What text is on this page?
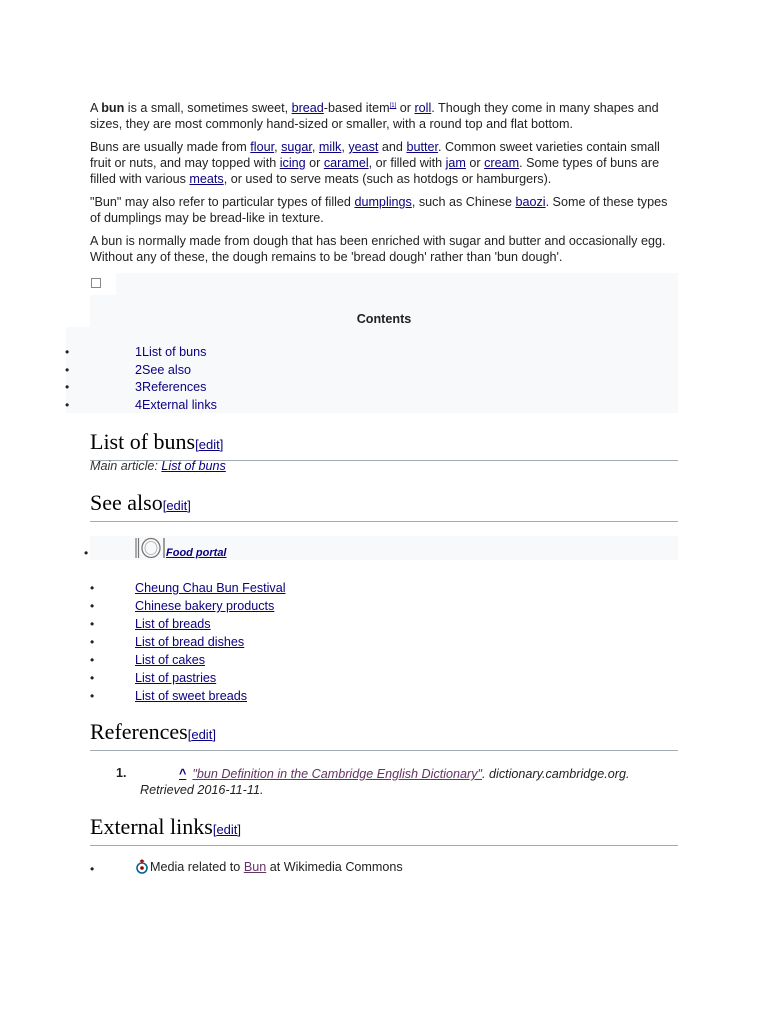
A bun is a small, sometimes sweet, bread-based item[1] or roll. Though they come in many shapes and sizes, they are most commonly hand-sized or smaller, with a round top and flat bottom.

Buns are usually made from flour, sugar, milk, yeast and butter. Common sweet varieties contain small fruit or nuts, and may topped with icing or caramel, or filled with jam or cream. Some types of buns are filled with various meats, or used to serve meats (such as hotdogs or hamburgers).

"Bun" may also refer to particular types of filled dumplings, such as Chinese baozi. Some of these types of dumplings may be bread-like in texture.

A bun is normally made from dough that has been enriched with sugar and butter and occasionally egg. Without any of these, the dough remains to be 'bread dough' rather than 'bun dough'.

Contents
•	1List of buns
•	2See also
•	3References
•	4External links
List of buns[edit]
Main article: List of buns
See also[edit]
•	Food portal
•	Cheung Chau Bun Festival
•	Chinese bakery products
•	List of breads
•	List of bread dishes
•	List of cakes
•	List of pastries
•	List of sweet breads
References[edit]
1.	^ "bun Definition in the Cambridge English Dictionary". dictionary.cambridge.org.
Retrieved 2016-11-11.
External links[edit]
•	Media related to Bun at Wikimedia Commons
